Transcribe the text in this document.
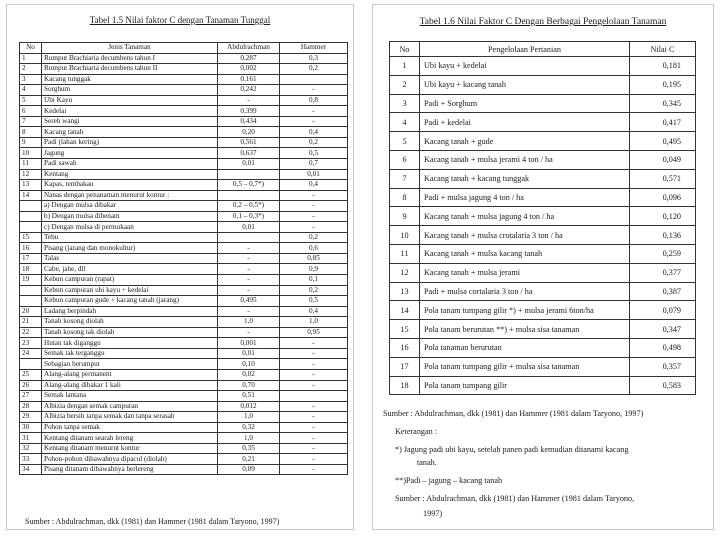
Tabel 1.5 Nilai faktor C dengan Tanaman Tunggal
No	Jenis Tanaman	Abdulrachman	Hammer
1	Rumput Brachiaria decumbens tahun I	0,287	0,3
2	Rumput Brachiaria decumbens tahun II	0,002	0,2
3	Kacang tunggak	0,161	
4	Sorghum	0,242	-
5	Ubi Kayu	-	0,8
6	Kedelai	0,399	-
7	Sereh wangi	0,434	-
8	Kacang tanah	0,20	0,4
9	Padi (lahan kering)	0,561	0,2
10	Jagung	0,637	0,5
11	Padi sawah	0,01	0,7
12	Kentang		0,01
13	Kapas, tembakau	0,5 – 0,7*)	0,4
14	Nanas dengan penanaman menurut kontur :		-
	a) Dengan mulsa dibakar	0,2 – 0,5*)	-
	b) Dengan mulsa dibenam	0,1 – 0,3*)	-
	c) Dengan mulsa di permukaan	0,01	-
15	Tebu		0,2
16	Pisang (jarang dan monokultur)	-	0,6
17	Talas	-	0,85
18	Cabe, jahe, dll	-	0,9
19	Kebun campuran (rapat)	-	0,1
	Kebun campuran ubi kayu + kedelai	-	0,2
	Kebun campuran gude + kacang tanah (jarang)	0,495	0,5
20	Ladang berpindah	-	0,4
21	Tanah kosong diolah	1,0	1,0
22	Tanah kosong tak diolah	-	0,95
23	Hutan tak diganggu	0,001	-
24	Semak tak terganggu	0,01	-
	Sebagian berumput	0,10	-
25	Alang-alang permanent	0,02	-
26	Alang-alang dibakar 1 kali	0,70	-
27	Semak lantana	0,51	
28	Albizia dengan semak campuran	0,012	-
29	Albizia bersih tanpa semak dan tanpa serasah	1,0	-
30	Pohon tanpa semak	0,32	-
31	Kentang ditanam searah lereng	1,0	-
32	Kentang ditanam menurut kontur	0,35	-
33	Pohon-pohon dibawahnya dipacul (diolah)	0,21	-
34	Pisang ditanam dibawahnya berlereng	0,09	-
Sumber : Abdulrachman, dkk (1981) dan Hammer (1981 dalam Taryono, 1997)
Tabel 1.6 Nilai Faktor C Dengan Berbagai Pengelolaan Tanaman
No	Pengelolaan Pertanian	Nilai C
1	Ubi kayu + kedelai	0,181
2	Ubi kayu + kacang tanah	0,195
3	Padi + Sorghum	0,345
4	Padi + kedelai	0,417
5	Kacang tanah + gude	0,495
6	Kacang tanah + mulsa jerami 4 ton / ha	0,049
7	Kacang tanah + kacang tunggak	0,571
8	Padi + mulsa jagung 4 ton / ha	0,096
9	Kacang tanah + mulsa jagung 4 ton / ha	0,120
10	Kacang tanah + mulsa crotalaria 3 ton / ha	0,136
11	Kacang tanah + mulsa kacang tanah	0,259
12	Kacang tanah + mulsa jerami	0,377
13	Padi + mulsa cortalaria 3 ton / ha	0,387
14	Pola tanam tumpang gilir *) + mulsa jerami 6ton/ha	0,079
15	Pola tanam berurutan **) + mulsa sisa tanaman	0,347
16	Pola tanaman berurutan	0,498
17	Pola tanam tumpang gilir + mulsa sisa tanaman	0,357
18	Pola tanam tumpang gilir	0,583
Sumber : Abdulrachman, dkk (1981) dan Hammer (1981 dalam Taryono, 1997)
Keterangan :
*) Jagung padi ubi kayu, setelah panen padi kemudian ditanami kacang
tanah.
**)Padi – jagung – kacang tanah
Sumber : Abdulrachman, dkk (1981) dan Hammer (1981 dalam Taryono,
1997)
